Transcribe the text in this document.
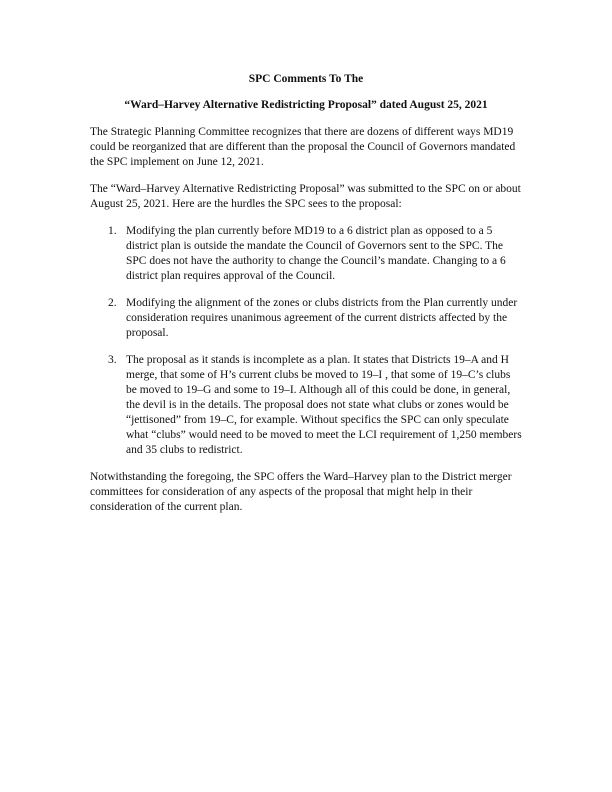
SPC Comments To The

“Ward–Harvey Alternative Redistricting Proposal” dated August 25, 2021

The Strategic Planning Committee recognizes that there are dozens of different ways MD19 could be reorganized that are different than the proposal the Council of Governors mandated the SPC implement on June 12, 2021.

The “Ward–Harvey Alternative Redistricting Proposal” was submitted to the SPC on or about August 25, 2021. Here are the hurdles the SPC sees to the proposal:

1. Modifying the plan currently before MD19 to a 6 district plan as opposed to a 5 district plan is outside the mandate the Council of Governors sent to the SPC. The SPC does not have the authority to change the Council’s mandate. Changing to a 6 district plan requires approval of the Council.
2. Modifying the alignment of the zones or clubs districts from the Plan currently under consideration requires unanimous agreement of the current districts affected by the proposal.
3. The proposal as it stands is incomplete as a plan. It states that Districts 19–A and H merge, that some of H’s current clubs be moved to 19–I , that some of 19–C’s clubs be moved to 19–G and some to 19–I. Although all of this could be done, in general, the devil is in the details. The proposal does not state what clubs or zones would be “jettisoned” from 19–C, for example. Without specifics the SPC can only speculate what “clubs” would need to be moved to meet the LCI requirement of 1,250 members and 35 clubs to redistrict.

Notwithstanding the foregoing, the SPC offers the Ward–Harvey plan to the District merger committees for consideration of any aspects of the proposal that might help in their consideration of the current plan.
